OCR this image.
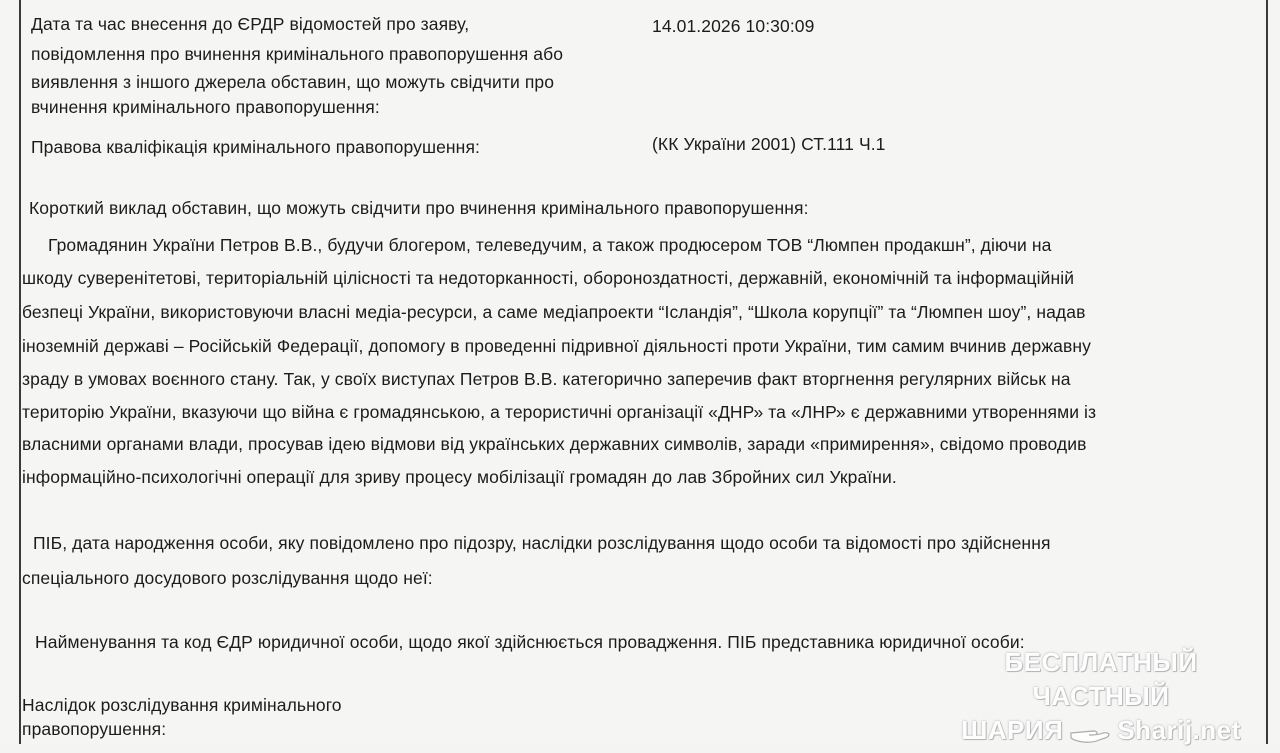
Дата та час внесення до ЄРДР відомостей про заяву,
повідомлення про вчинення кримінального правопорушення або
виявлення з іншого джерела обставин, що можуть свідчити про
вчинення кримінального правопорушення:
14.01.2026 10:30:09
Правова кваліфікація кримінального правопорушення:	(КК України 2001) СТ.111 Ч.1
Короткий виклад обставин, що можуть свідчити про вчинення кримінального правопорушення:
Громадянин України Петров В.В., будучи блогером, телеведучим, а також продюсером ТОВ “Люмпен продакшн”, діючи на
шкоду суверенітетові, територіальній цілісності та недоторканності, обороноздатності, державній, економічній та інформаційній
безпеці України, використовуючи власні медіа-ресурси, а саме медіапроекти “Ісландія”, “Школа корупції” та “Люмпен шоу”, надав
іноземній державі – Російській Федерації, допомогу в проведенні підривної діяльності проти України, тим самим вчинив державну
зраду в умовах воєнного стану. Так, у своїх виступах Петров В.В. категорично заперечив факт вторгнення регулярних військ на
територію України, вказуючи що війна є громадянською, а терористичні організації «ДНР» та «ЛНР» є державними утвореннями із
власними органами влади, просував ідею відмови від українських державних символів, заради «примирення», свідомо проводив
інформаційно-психологічні операції для зриву процесу мобілізації громадян до лав Збройних сил України.
ПІБ, дата народження особи, яку повідомлено про підозру, наслідки розслідування щодо особи та відомості про здійснення
спеціального досудового розслідування щодо неї:
Найменування та код ЄДР юридичної особи, щодо якої здійснюється провадження. ПІБ представника юридичної особи:
Наслідок розслідування кримінального
правопорушення:
БЕСПЛАТНЫЙ ЧАСТНЫЙ
ШАРИЯ Sharij.net
